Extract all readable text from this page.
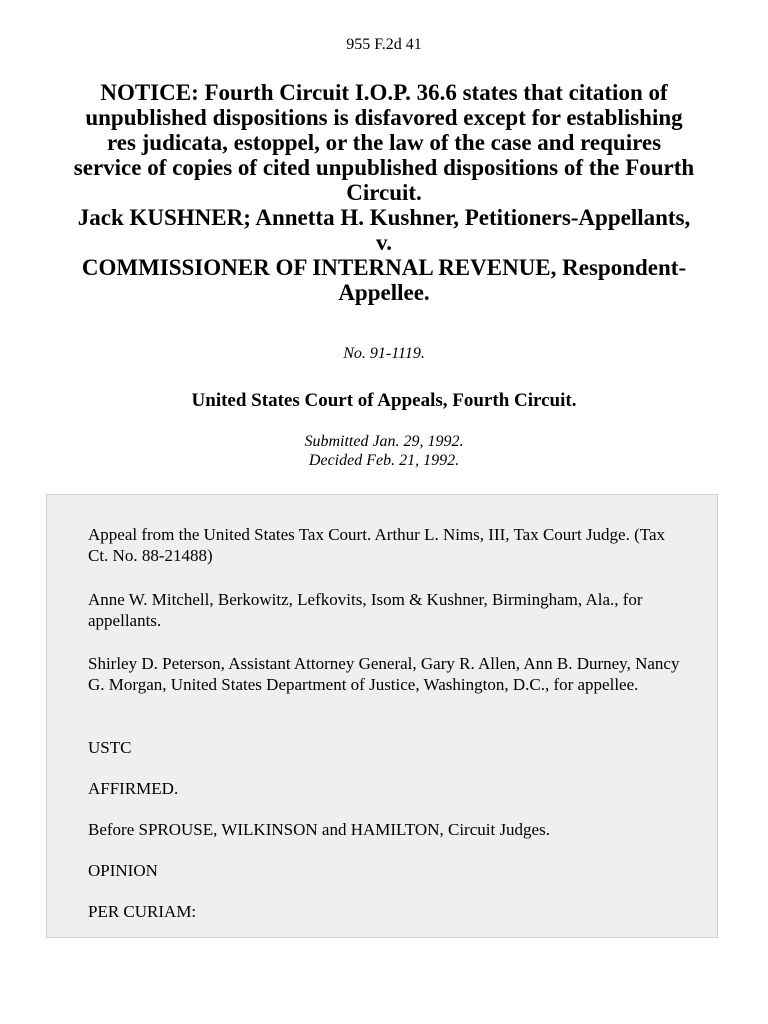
955 F.2d 41
NOTICE: Fourth Circuit I.O.P. 36.6 states that citation of
unpublished dispositions is disfavored except for establishing
res judicata, estoppel, or the law of the case and requires
service of copies of cited unpublished dispositions of the Fourth
Circuit.
Jack KUSHNER; Annetta H. Kushner, Petitioners-Appellants,
v.
COMMISSIONER OF INTERNAL REVENUE, Respondent-
Appellee.
No. 91-1119.
United States Court of Appeals, Fourth Circuit.
Submitted Jan. 29, 1992.
Decided Feb. 21, 1992.

Appeal from the United States Tax Court. Arthur L. Nims, III, Tax Court Judge. (Tax Ct. No. 88-21488)

Anne W. Mitchell, Berkowitz, Lefkovits, Isom & Kushner, Birmingham, Ala., for appellants.

Shirley D. Peterson, Assistant Attorney General, Gary R. Allen, Ann B. Durney, Nancy G. Morgan, United States Department of Justice, Washington, D.C., for appellee.

USTC

AFFIRMED.

Before SPROUSE, WILKINSON and HAMILTON, Circuit Judges.

OPINION

PER CURIAM:
